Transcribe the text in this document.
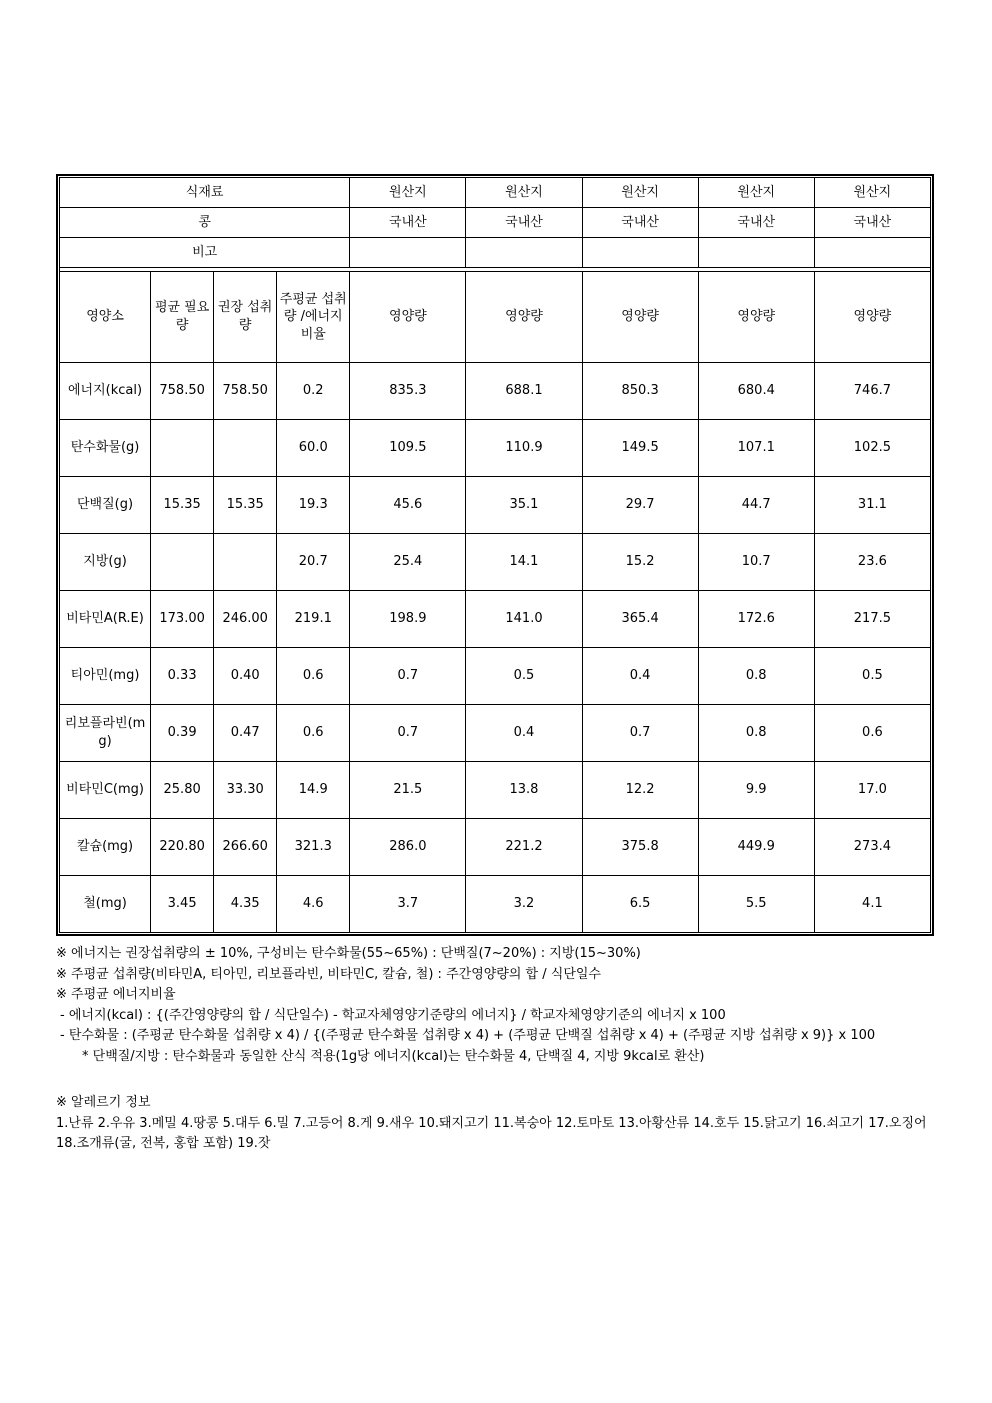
식재료	원산지	원산지	원산지	원산지	원산지
콩	국내산	국내산	국내산	국내산	국내산
비고					
영양소	평균 필요량	권장 섭취량	주평균 섭취량 /에너지 비율	영양량	영양량	영양량	영양량	영양량
에너지(kcal)	758.50	758.50	0.2	835.3	688.1	850.3	680.4	746.7
탄수화물(g)			60.0	109.5	110.9	149.5	107.1	102.5
단백질(g)	15.35	15.35	19.3	45.6	35.1	29.7	44.7	31.1
지방(g)			20.7	25.4	14.1	15.2	10.7	23.6
비타민A(R.E)	173.00	246.00	219.1	198.9	141.0	365.4	172.6	217.5
티아민(mg)	0.33	0.40	0.6	0.7	0.5	0.4	0.8	0.5
리보플라빈(mg)	0.39	0.47	0.6	0.7	0.4	0.7	0.8	0.6
비타민C(mg)	25.80	33.30	14.9	21.5	13.8	12.2	9.9	17.0
칼슘(mg)	220.80	266.60	321.3	286.0	221.2	375.8	449.9	273.4
철(mg)	3.45	4.35	4.6	3.7	3.2	6.5	5.5	4.1

※ 에너지는 권장섭취량의 ± 10%, 구성비는 탄수화물(55~65%) : 단백질(7~20%) : 지방(15~30%)

※ 주평균 섭취량(비타민A, 티아민, 리보플라빈, 비타민C, 칼슘, 철) : 주간영양량의 합 / 식단일수

※ 주평균 에너지비율

- 에너지(kcal) : {(주간영양량의 합 / 식단일수) - 학교자체영양기준량의 에너지} / 학교자체영양기준의 에너지 x 100

- 탄수화물 : (주평균 탄수화물 섭취량 x 4) / {(주평균 탄수화물 섭취량 x 4) + (주평균 단백질 섭취량 x 4) + (주평균 지방 섭취량 x 9)} x 100

* 단백질/지방 : 탄수화물과 동일한 산식 적용(1g당 에너지(kcal)는 탄수화물 4, 단백질 4, 지방 9kcal로 환산)

※ 알레르기 정보

1.난류 2.우유 3.메밀 4.땅콩 5.대두 6.밀 7.고등어 8.게 9.새우 10.돼지고기 11.복숭아 12.토마토 13.아황산류 14.호두 15.닭고기 16.쇠고기 17.오징어 18.조개류(굴, 전복, 홍합 포함) 19.잣
